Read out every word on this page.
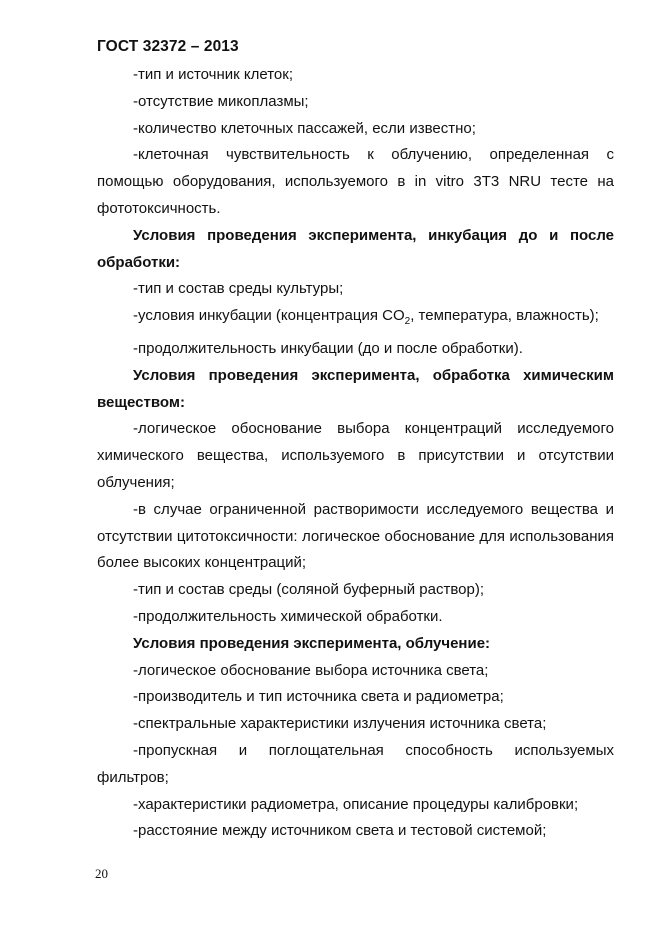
ГОСТ 32372 – 2013

-тип и источник клеток;

-отсутствие микоплазмы;

-количество клеточных пассажей, если известно;

-клеточная чувствительность к облучению, определенная с помощью оборудования, используемого в in vitro 3T3 NRU тесте на фототоксичность.

Условия проведения эксперимента, инкубация до и после обработки:

-тип и состав среды культуры;

-условия инкубации (концентрация $CO_2$, температура, влажность);

-продолжительность инкубации (до и после обработки).

Условия проведения эксперимента, обработка химическим веществом:

-логическое обоснование выбора концентраций исследуемого химического вещества, используемого в присутствии и отсутствии облучения;

-в случае ограниченной растворимости исследуемого вещества и отсутствии цитотоксичности: логическое обоснование для использования более высоких концентраций;

-тип и состав среды (соляной буферный раствор);

-продолжительность химической обработки.

Условия проведения эксперимента, облучение:

-логическое обоснование выбора источника света;

-производитель и тип источника света и радиометра;

-спектральные характеристики излучения источника света;

-пропускная и поглощательная способность используемых фильтров;

-характеристики радиометра, описание процедуры калибровки;

-расстояние между источником света и тестовой системой;

20
